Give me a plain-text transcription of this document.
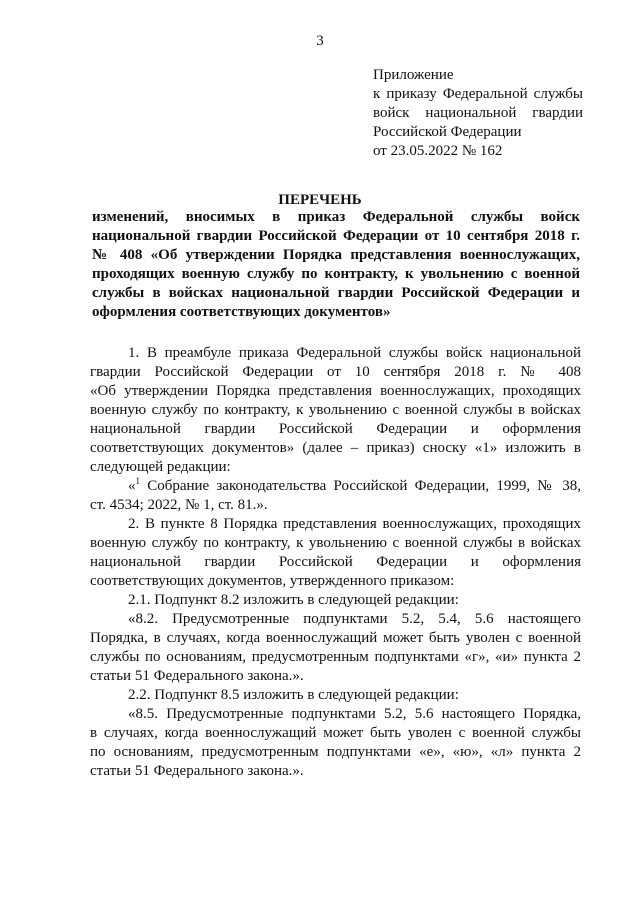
3
Приложение
к приказу Федеральной службы
войск национальной гвардии
Российской Федерации
от 23.05.2022 № 162
ПЕРЕЧЕНЬ
изменений, вносимых в приказ Федеральной службы войск
национальной гвардии Российской Федерации от 10 сентября 2018 г.
№ 408 «Об утверждении Порядка представления военнослужащих,
проходящих военную службу по контракту, к увольнению с военной
службы в войсках национальной гвардии Российской Федерации и
оформления соответствующих документов»
1. В преамбуле приказа Федеральной службы войск национальной
гвардии Российской Федерации от 10 сентября 2018 г. № 408
«Об утверждении Порядка представления военнослужащих, проходящих
военную службу по контракту, к увольнению с военной службы в войсках
национальной гвардии Российской Федерации и оформления
соответствующих документов» (далее – приказ) сноску «1» изложить в
следующей редакции:
«$^1$ Собрание законодательства Российской Федерации, 1999, № 38,
ст. 4534; 2022, № 1, ст. 81.».
2. В пункте 8 Порядка представления военнослужащих, проходящих
военную службу по контракту, к увольнению с военной службы в войсках
национальной гвардии Российской Федерации и оформления
соответствующих документов, утвержденного приказом:
2.1. Подпункт 8.2 изложить в следующей редакции:
«8.2. Предусмотренные подпунктами 5.2, 5.4, 5.6 настоящего
Порядка, в случаях, когда военнослужащий может быть уволен с военной
службы по основаниям, предусмотренным подпунктами «г», «и» пункта 2
статьи 51 Федерального закона.».
2.2. Подпункт 8.5 изложить в следующей редакции:
«8.5. Предусмотренные подпунктами 5.2, 5.6 настоящего Порядка,
в случаях, когда военнослужащий может быть уволен с военной службы
по основаниям, предусмотренным подпунктами «е», «ю», «л» пункта 2
статьи 51 Федерального закона.».
